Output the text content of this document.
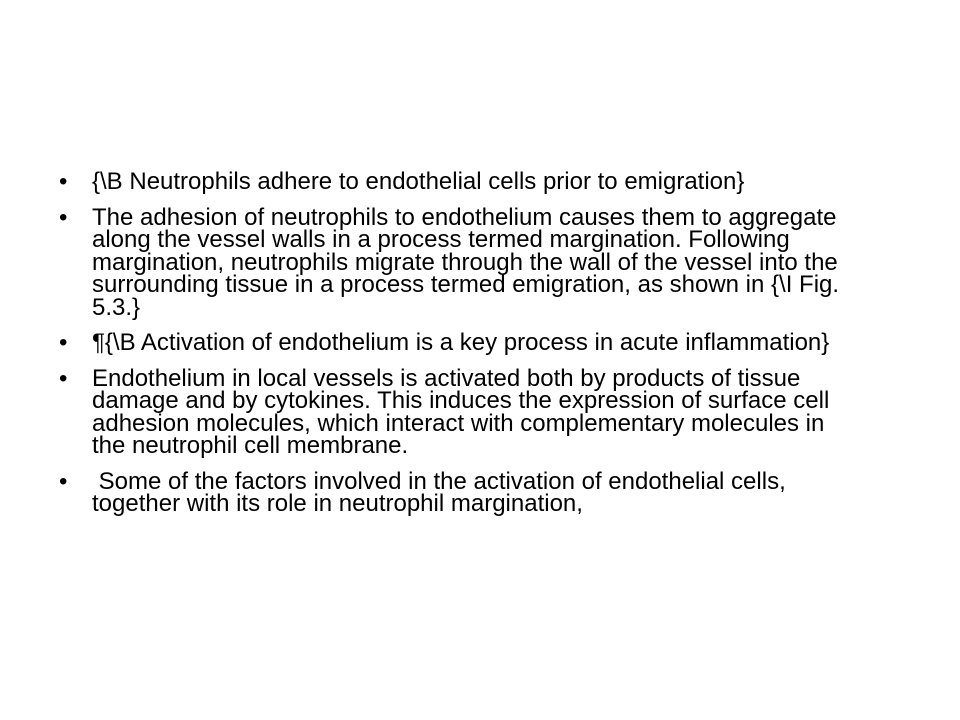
•	{\B Neutrophils adhere to endothelial cells prior to emigration}
•	The adhesion of neutrophils to endothelium causes them to aggregate along the vessel walls in a process termed margination. Following margination, neutrophils migrate through the wall of the vessel into the surrounding tissue in a process termed emigration, as shown in {\I Fig. 5.3.}
•	¶{\B Activation of endothelium is a key process in acute inflammation}
•	Endothelium in local vessels is activated both by products of tissue damage and by cytokines. This induces the expression of surface cell adhesion molecules, which interact with complementary molecules in the neutrophil cell membrane.
•	Some of the factors involved in the activation of endothelial cells, together with its role in neutrophil margination,
